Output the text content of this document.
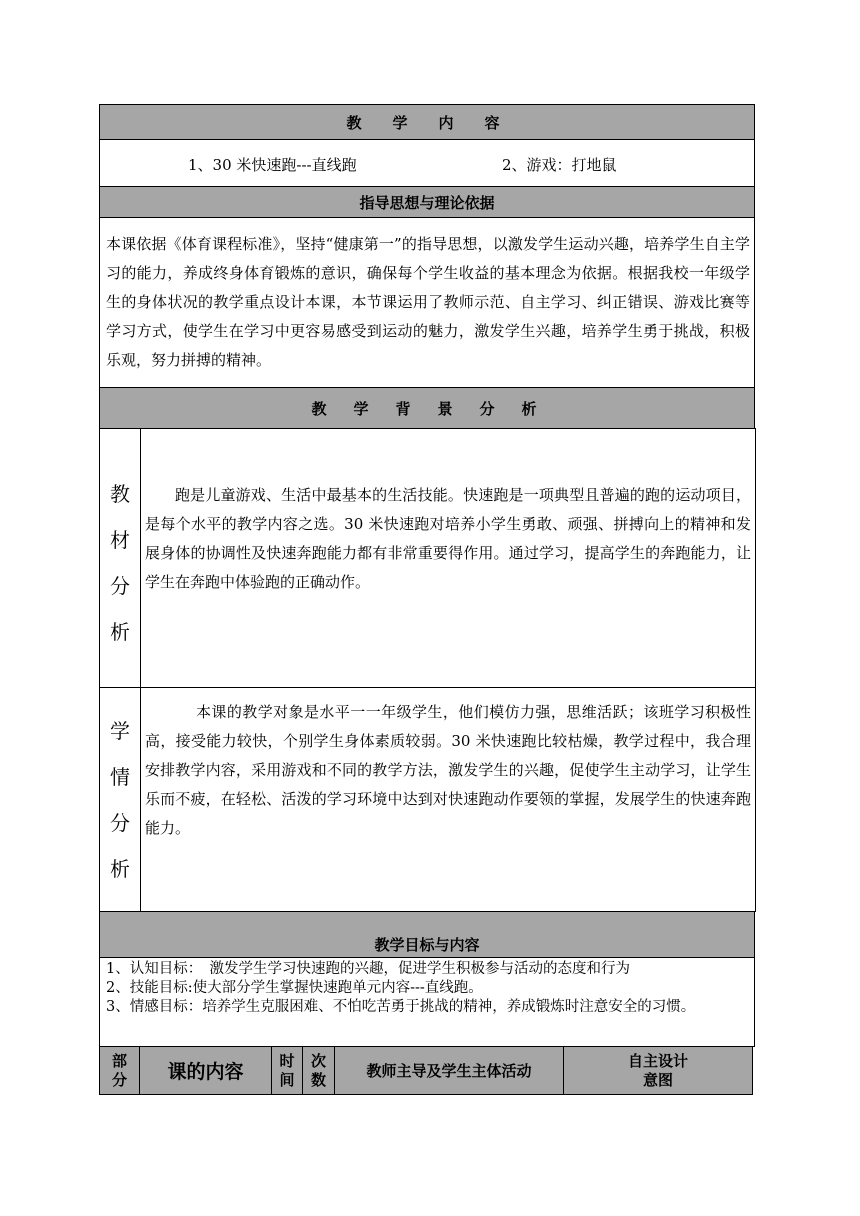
教　学　内　容
1、30 米快速跑---直线跑	2、游戏：打地鼠
指导思想与理论依据
本课依据《体育课程标准》，坚持“健康第一”的指导思想，以激发学生运动兴趣，培养学生自主学习的能力，养成终身体育锻炼的意识，确保每个学生收益的基本理念为依据。根据我校一年级学生的身体状况的教学重点设计本课，本节课运用了教师示范、自主学习、纠正错误、游戏比赛等学习方式，使学生在学习中更容易感受到运动的魅力，激发学生兴趣，培养学生勇于挑战，积极乐观，努力拼搏的精神。
教　学　背　景　分　析
教
材
分
析
跑是儿童游戏、生活中最基本的生活技能。快速跑是一项典型且普遍的跑的运动项目，是每个水平的教学内容之选。30 米快速跑对培养小学生勇敢、顽强、拼搏向上的精神和发展身体的协调性及快速奔跑能力都有非常重要得作用。通过学习，提高学生的奔跑能力，让学生在奔跑中体验跑的正确动作。
学
情
分
析
本课的教学对象是水平一一年级学生，他们模仿力强，思维活跃；该班学习积极性高，接受能力较快，个别学生身体素质较弱。30 米快速跑比较枯燥，教学过程中，我合理安排教学内容，采用游戏和不同的教学方法，激发学生的兴趣，促使学生主动学习，让学生乐而不疲，在轻松、活泼的学习环境中达到对快速跑动作要领的掌握，发展学生的快速奔跑能力。
教学目标与内容
1、认知目标：　激发学生学习快速跑的兴趣，促进学生积极参与活动的态度和行为
2、技能目标:使大部分学生掌握快速跑单元内容---直线跑。
3、情感目标：培养学生克服困难、不怕吃苦勇于挑战的精神，养成锻炼时注意安全的习惯。
部
分 课的内容
时
间
次
数	教师主导及学生主体活动
自主设计
意图
